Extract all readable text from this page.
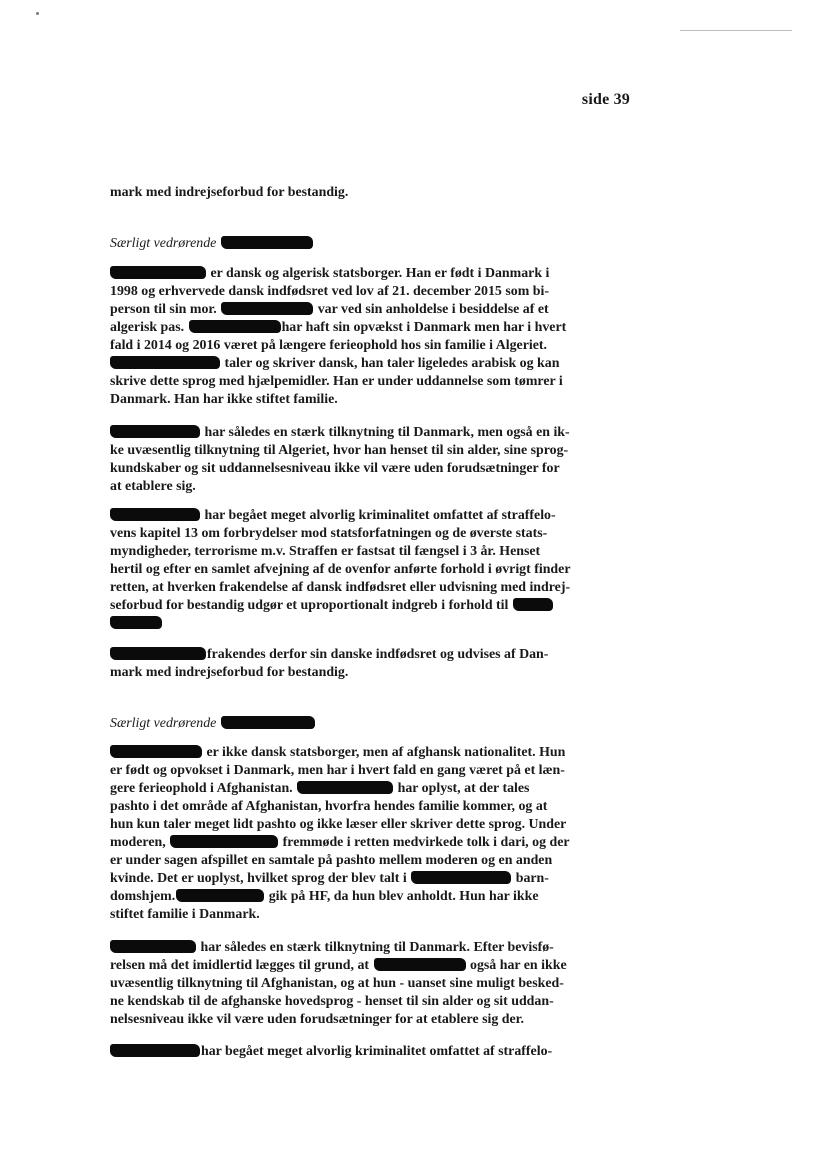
side 39
mark med indrejseforbud for bestandig.
Særligt vedrørende
er dansk og algerisk statsborger. Han er født i Danmark i
1998 og erhvervede dansk indfødsret ved lov af 21. december 2015 som bi-
person til sin mor.	var ved sin anholdelse i besiddelse af et
algerisk pas.	har haft sin opvækst i Danmark men har i hvert
fald i 2014 og 2016 været på længere ferieophold hos sin familie i Algeriet.
taler og skriver dansk, han taler ligeledes arabisk og kan
skrive dette sprog med hjælpemidler. Han er under uddannelse som tømrer i
Danmark. Han har ikke stiftet familie.
har således en stærk tilknytning til Danmark, men også en ik-
ke uvæsentlig tilknytning til Algeriet, hvor han henset til sin alder, sine sprog-
kundskaber og sit uddannelsesniveau ikke vil være uden forudsætninger for
at etablere sig.
har begået meget alvorlig kriminalitet omfattet af straffelo-
vens kapitel 13 om forbrydelser mod statsforfatningen og de øverste stats-
myndigheder, terrorisme m.v. Straffen er fastsat til fængsel i 3 år. Henset
hertil og efter en samlet afvejning af de ovenfor anførte forhold i øvrigt finder
retten, at hverken frakendelse af dansk indfødsret eller udvisning med indrej-
seforbud for bestandig udgør et uproportionalt indgreb i forhold til
frakendes derfor sin danske indfødsret og udvises af Dan-
mark med indrejseforbud for bestandig.
Særligt vedrørende
er ikke dansk statsborger, men af afghansk nationalitet. Hun
er født og opvokset i Danmark, men har i hvert fald en gang været på et læn-
gere ferieophold i Afghanistan.	har oplyst, at der tales
pashto i det område af Afghanistan, hvorfra hendes familie kommer, og at
hun kun taler meget lidt pashto og ikke læser eller skriver dette sprog. Under
moderen,	fremmøde i retten medvirkede tolk i dari, og der
er under sagen afspillet en samtale på pashto mellem moderen og en anden
kvinde. Det er uoplyst, hvilket sprog der blev talt i	barn-
domshjem.	gik på HF, da hun blev anholdt. Hun har ikke
stiftet familie i Danmark.
har således en stærk tilknytning til Danmark. Efter bevisfø-
relsen må det imidlertid lægges til grund, at	også har en ikke
uvæsentlig tilknytning til Afghanistan, og at hun - uanset sine muligt besked-
ne kendskab til de afghanske hovedsprog - henset til sin alder og sit uddan-
nelsesniveau ikke vil være uden forudsætninger for at etablere sig der.
har begået meget alvorlig kriminalitet omfattet af straffelo-
